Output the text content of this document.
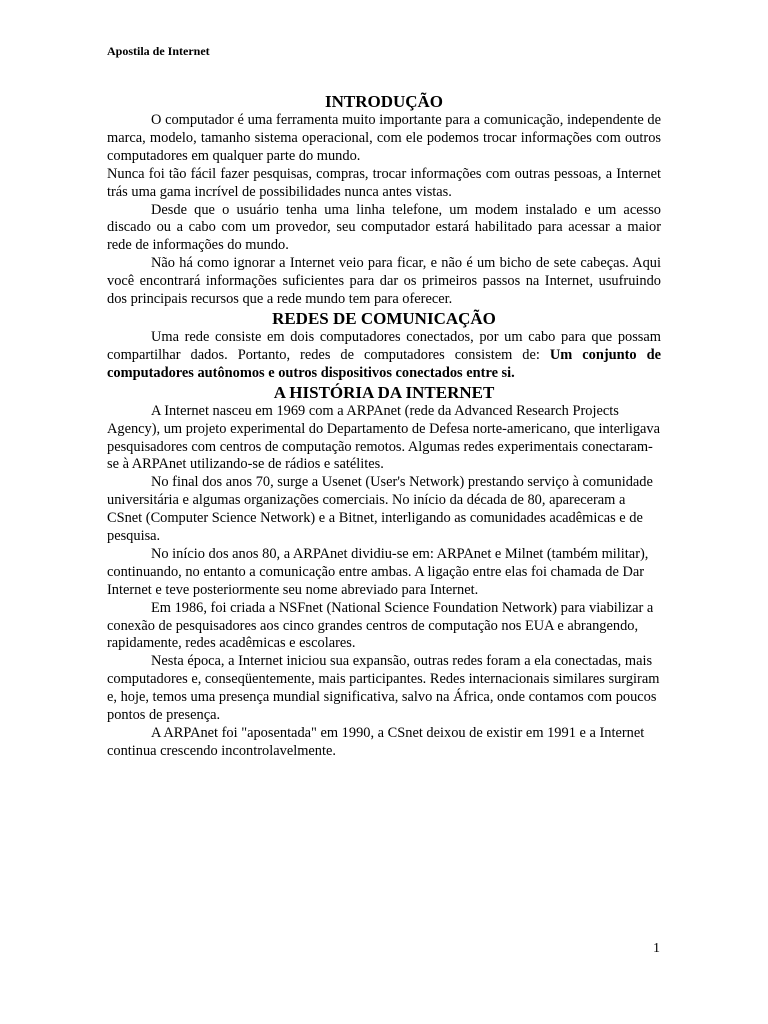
Apostila de Internet
INTRODUÇÃO

O computador é uma ferramenta muito importante para a comunicação, independente de marca, modelo, tamanho sistema operacional, com ele podemos trocar informações com outros computadores em qualquer parte do mundo.

Nunca foi tão fácil fazer pesquisas, compras, trocar informações com outras pessoas, a Internet trás uma gama incrível de possibilidades nunca antes vistas.

Desde que o usuário tenha uma linha telefone, um modem instalado e um acesso discado ou a cabo com um provedor, seu computador estará habilitado para acessar a maior rede de informações do mundo.

Não há como ignorar a Internet veio para ficar, e não é um bicho de sete cabeças. Aqui você encontrará informações suficientes para dar os primeiros passos na Internet, usufruindo dos principais recursos que a rede mundo tem para oferecer.

REDES DE COMUNICAÇÃO

Uma rede consiste em dois computadores conectados, por um cabo para que possam compartilhar dados. Portanto, redes de computadores consistem de: Um conjunto de computadores autônomos e outros dispositivos conectados entre si.

A HISTÓRIA DA INTERNET

A Internet nasceu em 1969 com a ARPAnet (rede da Advanced Research Projects Agency), um projeto experimental do Departamento de Defesa norte-americano, que interligava pesquisadores com centros de computação remotos. Algumas redes experimentais conectaram-se à ARPAnet utilizando-se de rádios e satélites.

No final dos anos 70, surge a Usenet (User's Network) prestando serviço à comunidade universitária e algumas organizações comerciais. No início da década de 80, apareceram a CSnet (Computer Science Network) e a Bitnet, interligando as comunidades acadêmicas e de pesquisa.

No início dos anos 80, a ARPAnet dividiu-se em: ARPAnet e Milnet (também militar), continuando, no entanto a comunicação entre ambas. A ligação entre elas foi chamada de Dar Internet e teve posteriormente seu nome abreviado para Internet.

Em 1986, foi criada a NSFnet (National Science Foundation Network) para viabilizar a conexão de pesquisadores aos cinco grandes centros de computação nos EUA e abrangendo, rapidamente, redes acadêmicas e escolares.

Nesta época, a Internet iniciou sua expansão, outras redes foram a ela conectadas, mais computadores e, conseqüentemente, mais participantes. Redes internacionais similares surgiram e, hoje, temos uma presença mundial significativa, salvo na África, onde contamos com poucos pontos de presença.

A ARPAnet foi "aposentada" em 1990, a CSnet deixou de existir em 1991 e a Internet continua crescendo incontrolavelmente.

1
